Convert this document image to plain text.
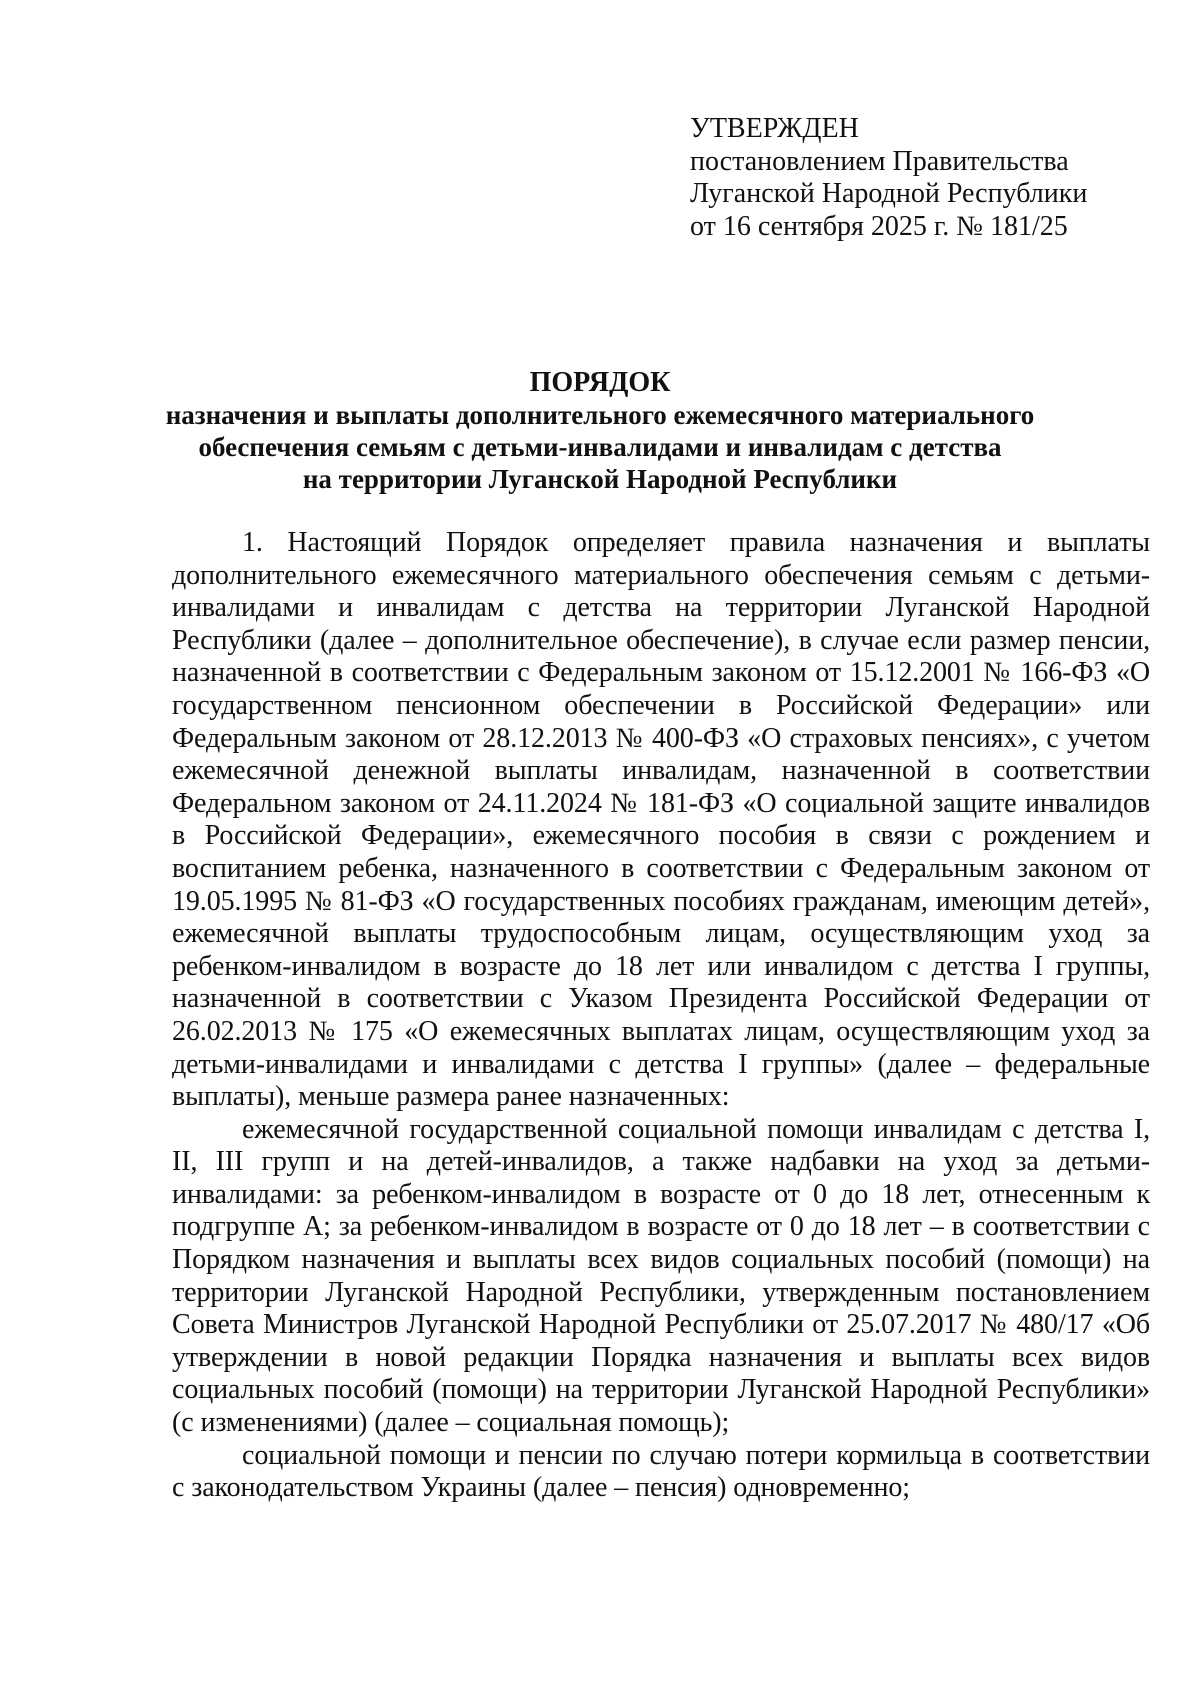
УТВЕРЖДЕН
постановлением Правительства
Луганской Народной Республики
от 16 сентября 2025 г. № 181/25
ПОРЯДОК
назначения и выплаты дополнительного ежемесячного материального
обеспечения семьям с детьми-инвалидами и инвалидам с детства
на территории Луганской Народной Республики

1. Настоящий Порядок определяет правила назначения и выплаты дополнительного ежемесячного материального обеспечения семьям с детьми-инвалидами и инвалидам с детства на территории Луганской Народной Республики (далее – дополнительное обеспечение), в случае если размер пенсии, назначенной в соответствии с Федеральным законом от 15.12.2001 № 166-ФЗ «О государственном пенсионном обеспечении в Российской Федерации» или Федеральным законом от 28.12.2013 № 400-ФЗ «О страховых пенсиях», с учетом ежемесячной денежной выплаты инвалидам, назначенной в соответствии Федеральном законом от 24.11.2024 № 181-ФЗ «О социальной защите инвалидов в Российской Федерации», ежемесячного пособия в связи с рождением и воспитанием ребенка, назначенного в соответствии с Федеральным законом от 19.05.1995 № 81-ФЗ «О государственных пособиях гражданам, имеющим детей», ежемесячной выплаты трудоспособным лицам, осуществляющим уход за ребенком-инвалидом в возрасте до 18 лет или инвалидом с детства I группы, назначенной в соответствии с Указом Президента Российской Федерации от 26.02.2013 № 175 «О ежемесячных выплатах лицам, осуществляющим уход за детьми-инвалидами и инвалидами с детства I группы» (далее – федеральные выплаты), меньше размера ранее назначенных:

ежемесячной государственной социальной помощи инвалидам с детства I, II, III групп и на детей-инвалидов, а также надбавки на уход за детьми-инвалидами: за ребенком-инвалидом в возрасте от 0 до 18 лет, отнесенным к подгруппе А; за ребенком-инвалидом в возрасте от 0 до 18 лет – в соответствии с Порядком назначения и выплаты всех видов социальных пособий (помощи) на территории Луганской Народной Республики, утвержденным постановлением Совета Министров Луганской Народной Республики от 25.07.2017 № 480/17 «Об утверждении в новой редакции Порядка назначения и выплаты всех видов социальных пособий (помощи) на территории Луганской Народной Республики» (с изменениями) (далее – социальная помощь);

социальной помощи и пенсии по случаю потери кормильца в соответствии с законодательством Украины (далее – пенсия) одновременно;
